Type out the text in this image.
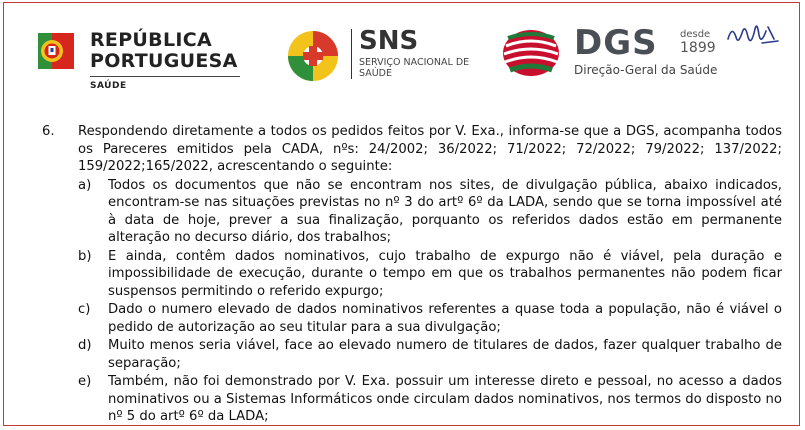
REPÚBLICA
PORTUGUESA
SAÚDE
SNS
SERVIÇO NACIONAL DE SAÚDE
DGS desde
1899
Direção-Geral da Saúde
6.	Respondendo diretamente a todos os pedidos feitos por V. Exa., informa-se que a DGS, acompanha todos os Pareceres emitidos pela CADA, nºs: 24/2002; 36/2022; 71/2022; 72/2022; 79/2022; 137/2022; 159/2022;165/2022, acrescentando o seguinte:
a)	Todos os documentos que não se encontram nos sites, de divulgação pública, abaixo indicados, encontram-se nas situações previstas no nº 3 do artº 6º da LADA, sendo que se torna impossível até à data de hoje, prever a sua finalização, porquanto os referidos dados estão em permanente alteração no decurso diário, dos trabalhos;
b)	E ainda, contêm dados nominativos, cujo trabalho de expurgo não é viável, pela duração e impossibilidade de execução, durante o tempo em que os trabalhos permanentes não podem ficar suspensos permitindo o referido expurgo;
c)	Dado o numero elevado de dados nominativos referentes a quase toda a população, não é viável o pedido de autorização ao seu titular para a sua divulgação;
d)	Muito menos seria viável, face ao elevado numero de titulares de dados, fazer qualquer trabalho de separação;
e)	Também, não foi demonstrado por V. Exa. possuir um interesse direto e pessoal, no acesso a dados nominativos ou a Sistemas Informáticos onde circulam dados nominativos, nos termos do disposto no nº 5 do artº 6º da LADA;
